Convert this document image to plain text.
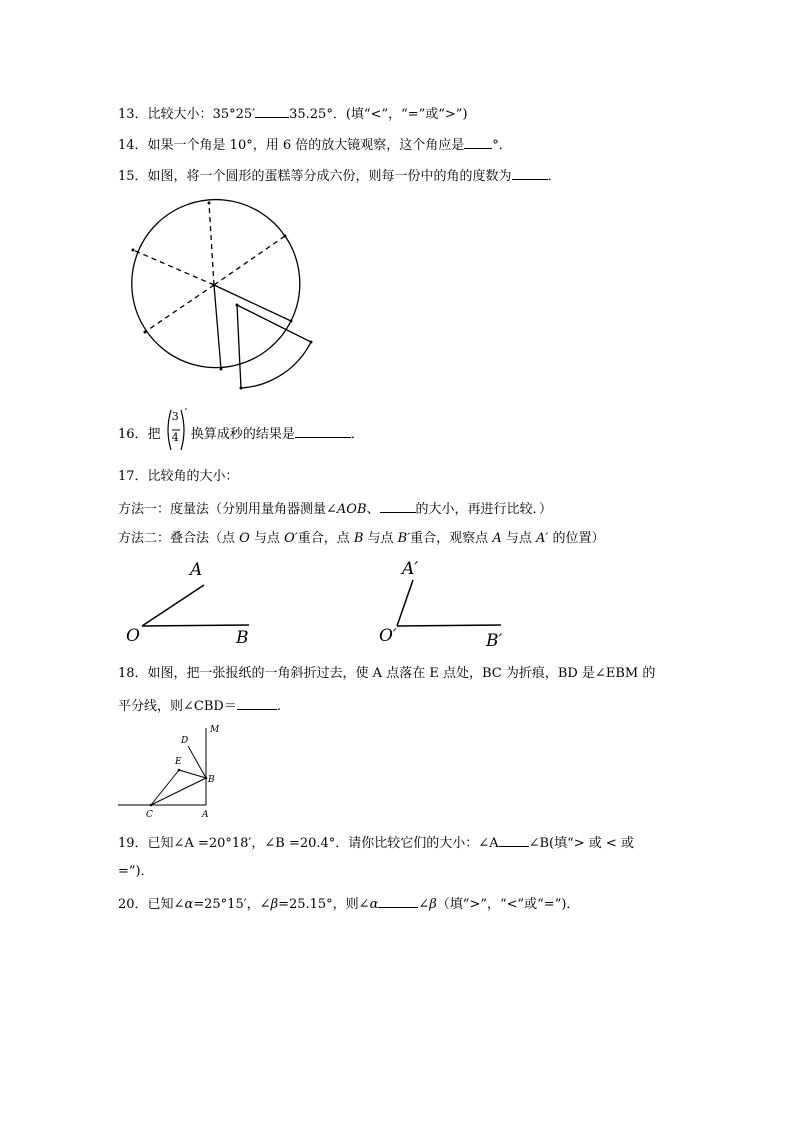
13．比较大小：35°25′	35.25°．(填“<”，“=”或“>”)
14．如果一个角是 10°，用 6 倍的放大镜观察，这个角应是 °．
15．如图，将一个圆形的蛋糕等分成六份，则每一份中的角的度数为	．
16．把
3
4 换算成秒的结果是	．
17．比较角的大小：
方法一：度量法（分别用量角器测量∠AOB、	的大小，再进行比较．）
方法二：叠合法（点 O 与点 O′重合，点 B 与点 B′重合，观察点 A 与点 A′ 的位置）
A
O	B
A′
O′	B′
18．如图，把一张报纸的一角斜折过去，使 A 点落在 E 点处，BC 为折痕，BD 是∠EBM 的
平分线，则∠CBD＝	.
M
D
E
B
C	A
19．已知∠A =20°18′，∠B =20.4°．请你比较它们的大小：∠A ∠B(填“> 或 < 或
=”)．
20．已知∠α=25°15′，∠β=25.15°，则∠α	∠β（填“>”，“<”或“=”)．
